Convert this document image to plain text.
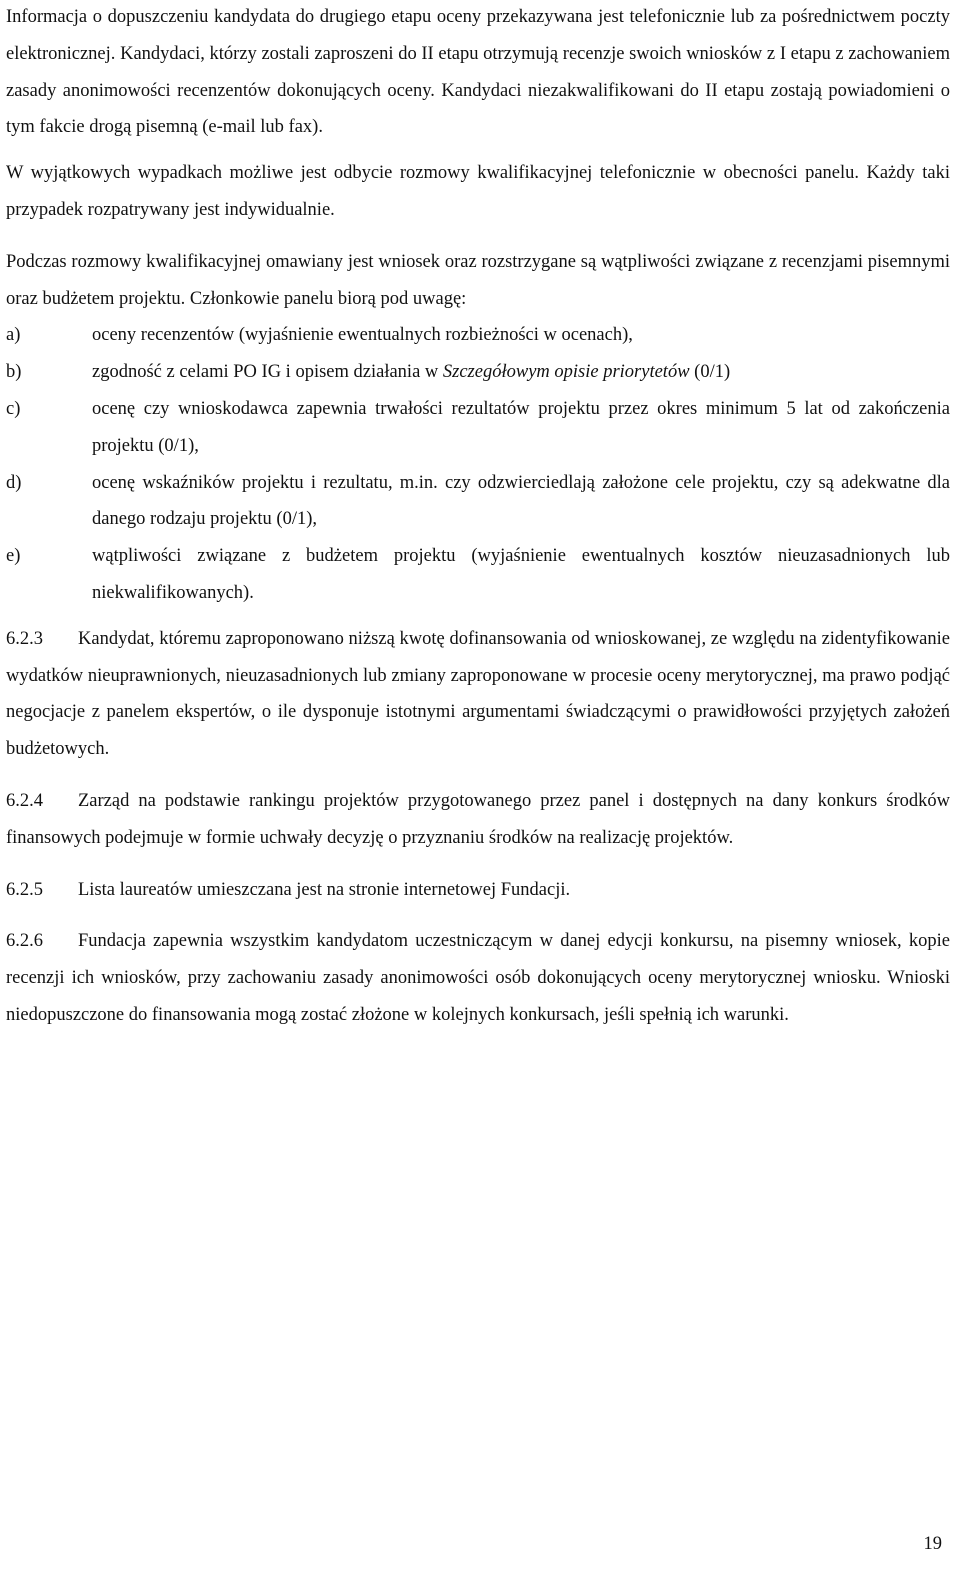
Informacja o dopuszczeniu kandydata do drugiego etapu oceny przekazywana jest telefonicznie lub za pośrednictwem poczty elektronicznej. Kandydaci, którzy zostali zaproszeni do II etapu otrzymują recenzje swoich wniosków z I etapu z zachowaniem zasady anonimowości recenzentów dokonujących oceny. Kandydaci niezakwalifikowani do II etapu zostają powiadomieni o tym fakcie drogą pisemną (e-mail lub fax).

W wyjątkowych wypadkach możliwe jest odbycie rozmowy kwalifikacyjnej telefonicznie w obecności panelu. Każdy taki przypadek rozpatrywany jest indywidualnie.

Podczas rozmowy kwalifikacyjnej omawiany jest wniosek oraz rozstrzygane są wątpliwości związane z recenzjami pisemnymi oraz budżetem projektu. Członkowie panelu biorą pod uwagę:

a)	oceny recenzentów (wyjaśnienie ewentualnych rozbieżności w ocenach),
b)	zgodność z celami PO IG i opisem działania w Szczegółowym opisie priorytetów (0/1)
c)	ocenę czy wnioskodawca zapewnia trwałości rezultatów projektu przez okres minimum 5 lat od zakończenia projektu (0/1),
d)	ocenę wskaźników projektu i rezultatu, m.in. czy odzwierciedlają założone cele projektu, czy są adekwatne dla danego rodzaju projektu (0/1),
e)	wątpliwości związane z budżetem projektu (wyjaśnienie ewentualnych kosztów nieuzasadnionych lub niekwalifikowanych).

6.2.3 Kandydat, któremu zaproponowano niższą kwotę dofinansowania od wnioskowanej, ze względu na zidentyfikowanie wydatków nieuprawnionych, nieuzasadnionych lub zmiany zaproponowane w procesie oceny merytorycznej, ma prawo podjąć negocjacje z panelem ekspertów, o ile dysponuje istotnymi argumentami świadczącymi o prawidłowości przyjętych założeń budżetowych.

6.2.4 Zarząd na podstawie rankingu projektów przygotowanego przez panel i dostępnych na dany konkurs środków finansowych podejmuje w formie uchwały decyzję o przyznaniu środków na realizację projektów.

6.2.5 Lista laureatów umieszczana jest na stronie internetowej Fundacji.

6.2.6 Fundacja zapewnia wszystkim kandydatom uczestniczącym w danej edycji konkursu, na pisemny wniosek, kopie recenzji ich wniosków, przy zachowaniu zasady anonimowości osób dokonujących oceny merytorycznej wniosku. Wnioski niedopuszczone do finansowania mogą zostać złożone w kolejnych konkursach, jeśli spełnią ich warunki.

19
